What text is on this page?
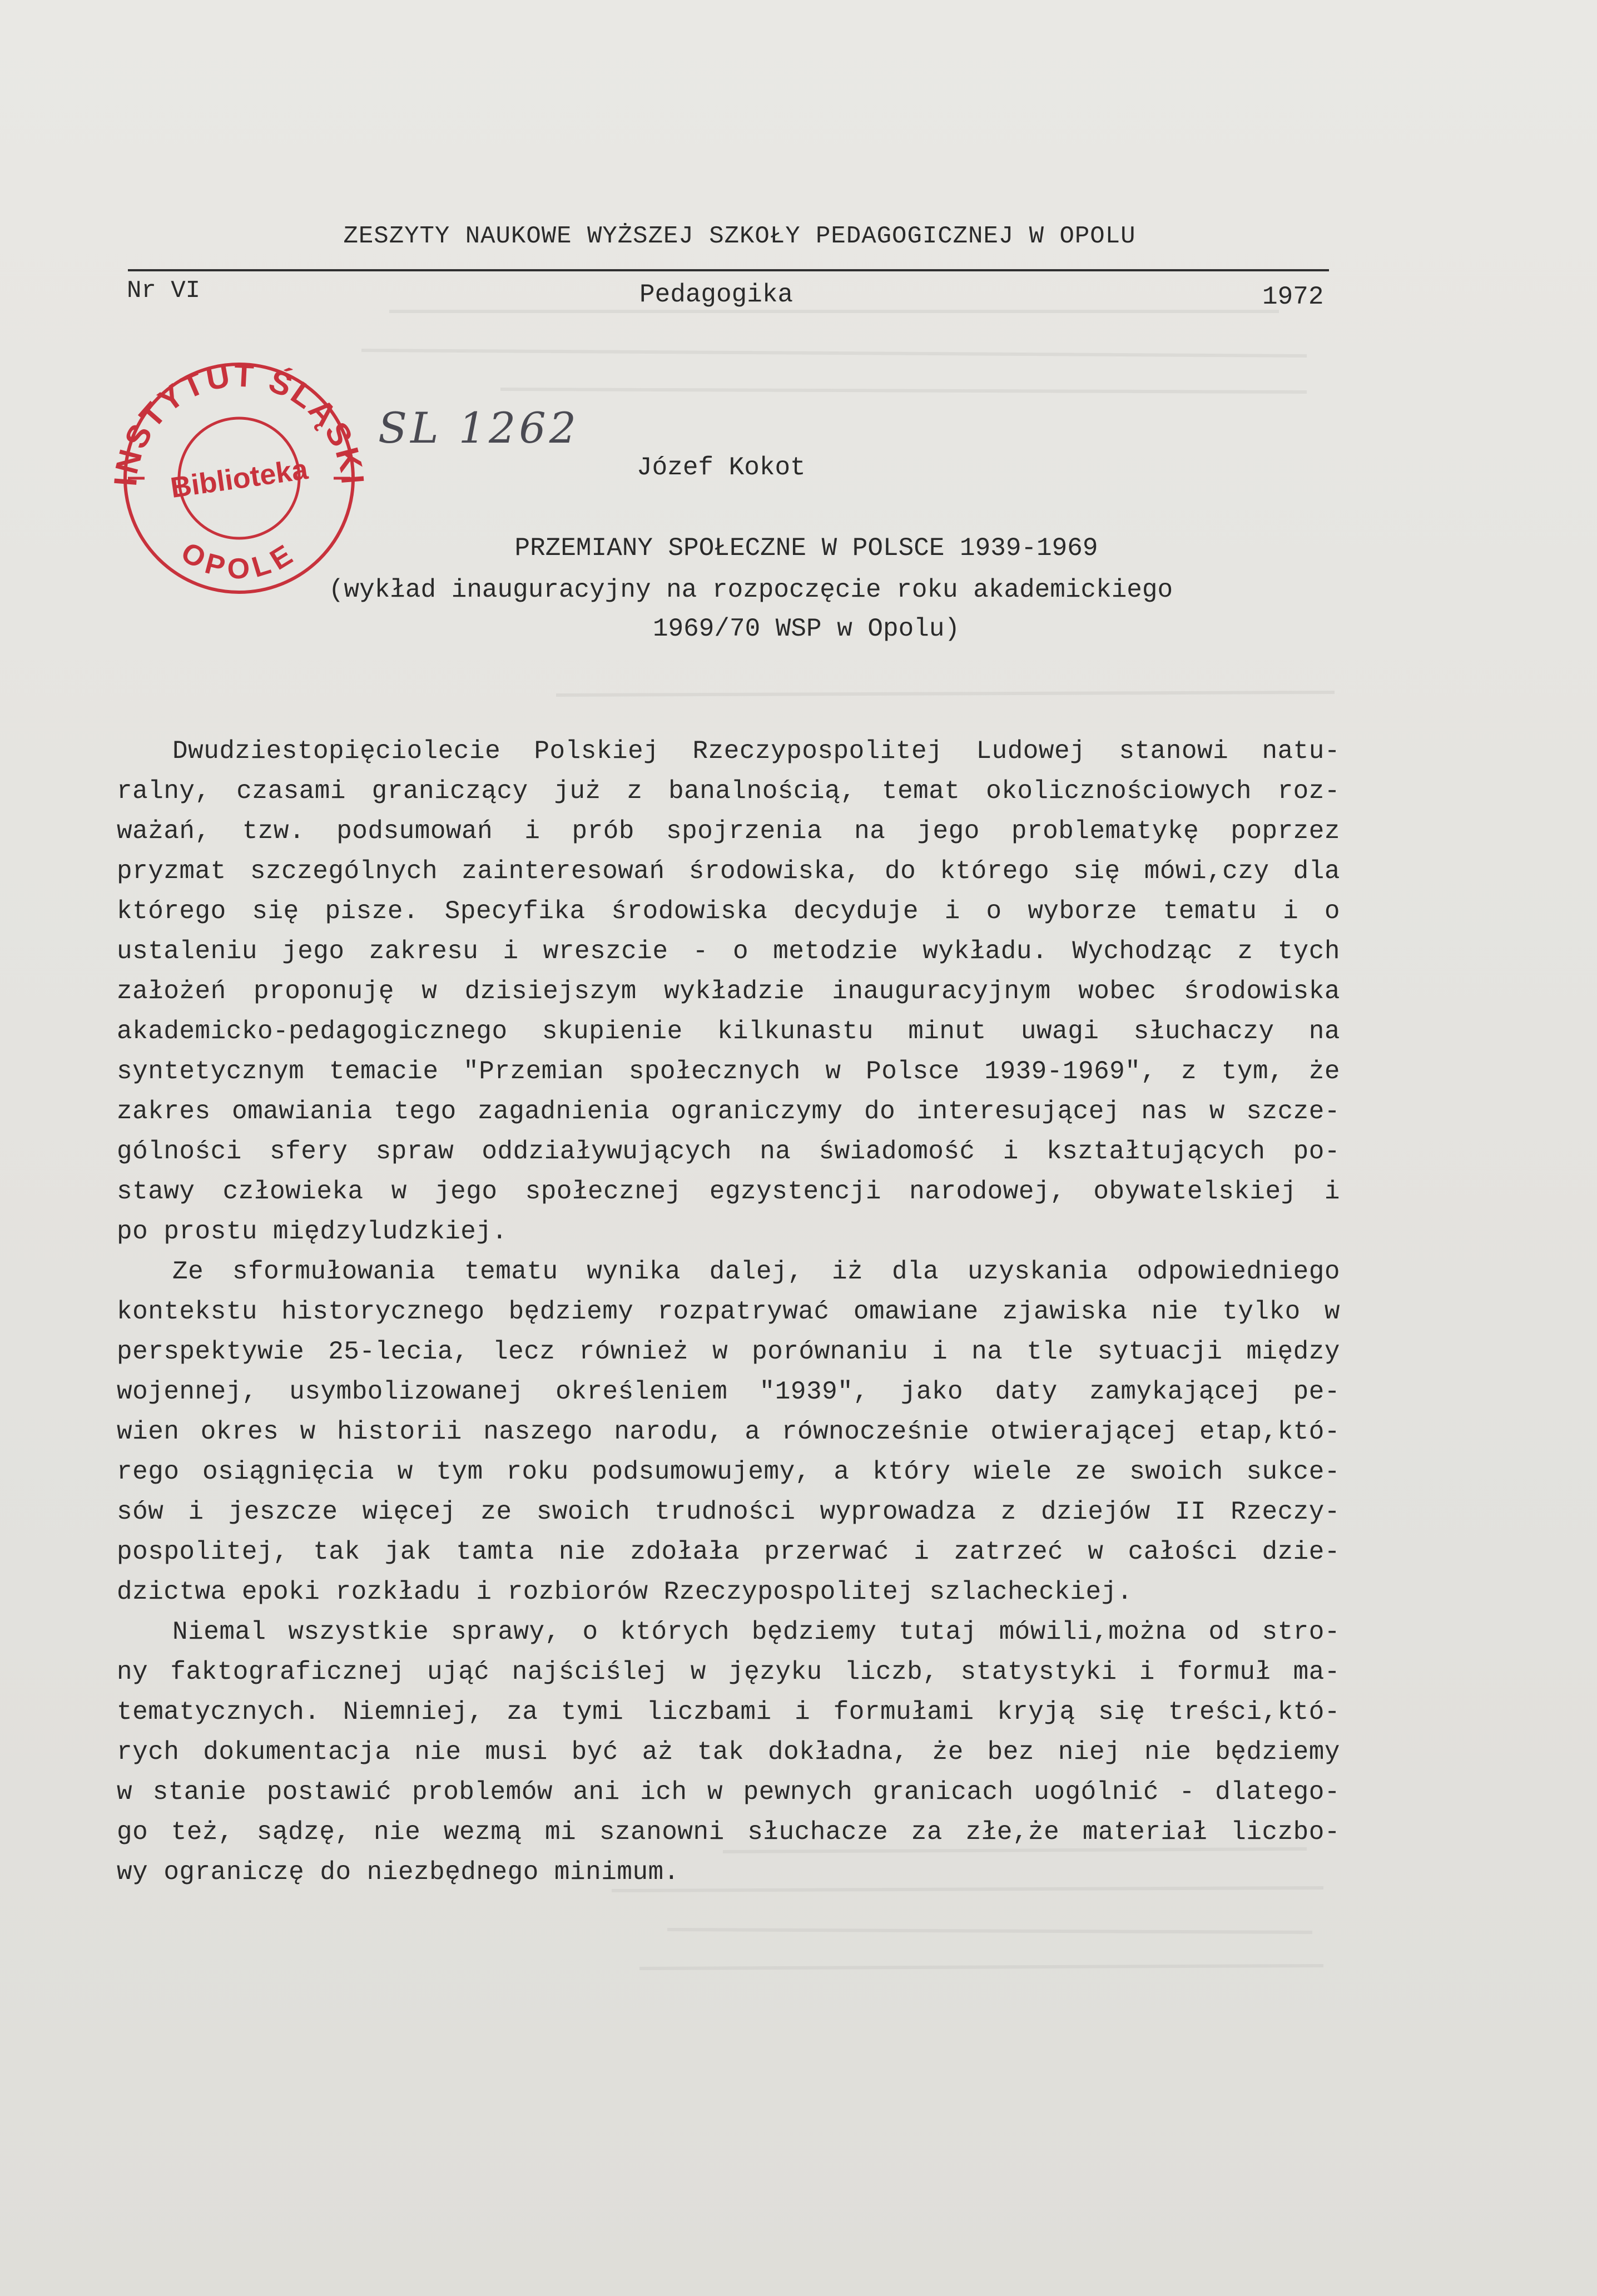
ZESZYTY NAUKOWE WYŻSZEJ SZKOŁY PEDAGOGICZNEJ W OPOLU
Nr VI	Pedagogika	1972
INSTYTUT ŚLĄSKI
OPOLE
Biblioteka
SL 1262
Józef Kokot
PRZEMIANY SPOŁECZNE W POLSCE 1939-1969
(wykład inauguracyjny na rozpoczęcie roku akademickiego
1969/70 WSP w Opolu)
Dwudziestopięciolecie Polskiej Rzeczypospolitej Ludowej stanowi natu-
ralny, czasami graniczący już z banalnością, temat okolicznościowych roz-
ważań, tzw. podsumowań i prób spojrzenia na jego problematykę poprzez
pryzmat szczególnych zainteresowań środowiska, do którego się mówi,czy dla
którego się pisze. Specyfika środowiska decyduje i o wyborze tematu i o
ustaleniu jego zakresu i wreszcie - o metodzie wykładu. Wychodząc z tych
założeń proponuję w dzisiejszym wykładzie inauguracyjnym wobec środowiska
akademicko-pedagogicznego skupienie kilkunastu minut uwagi słuchaczy na
syntetycznym temacie "Przemian społecznych w Polsce 1939-1969", z tym, że
zakres omawiania tego zagadnienia ograniczymy do interesującej nas w szcze-
gólności sfery spraw oddziaływujących na świadomość i kształtujących po-
stawy człowieka w jego społecznej egzystencji narodowej, obywatelskiej i
po prostu międzyludzkiej.
Ze sformułowania tematu wynika dalej, iż dla uzyskania odpowiedniego
kontekstu historycznego będziemy rozpatrywać omawiane zjawiska nie tylko w
perspektywie 25-lecia, lecz również w porównaniu i na tle sytuacji między
wojennej, usymbolizowanej określeniem "1939", jako daty zamykającej pe-
wien okres w historii naszego narodu, a równocześnie otwierającej etap,któ-
rego osiągnięcia w tym roku podsumowujemy, a który wiele ze swoich sukce-
sów i jeszcze więcej ze swoich trudności wyprowadza z dziejów II Rzeczy-
pospolitej, tak jak tamta nie zdołała przerwać i zatrzeć w całości dzie-
dzictwa epoki rozkładu i rozbiorów Rzeczypospolitej szlacheckiej.
Niemal wszystkie sprawy, o których będziemy tutaj mówili,można od stro-
ny faktograficznej ująć najściślej w języku liczb, statystyki i formuł ma-
tematycznych. Niemniej, za tymi liczbami i formułami kryją się treści,któ-
rych dokumentacja nie musi być aż tak dokładna, że bez niej nie będziemy
w stanie postawić problemów ani ich w pewnych granicach uogólnić - dlatego-
go też, sądzę, nie wezmą mi szanowni słuchacze za złe,że materiał liczbo-
wy ograniczę do niezbędnego minimum.
